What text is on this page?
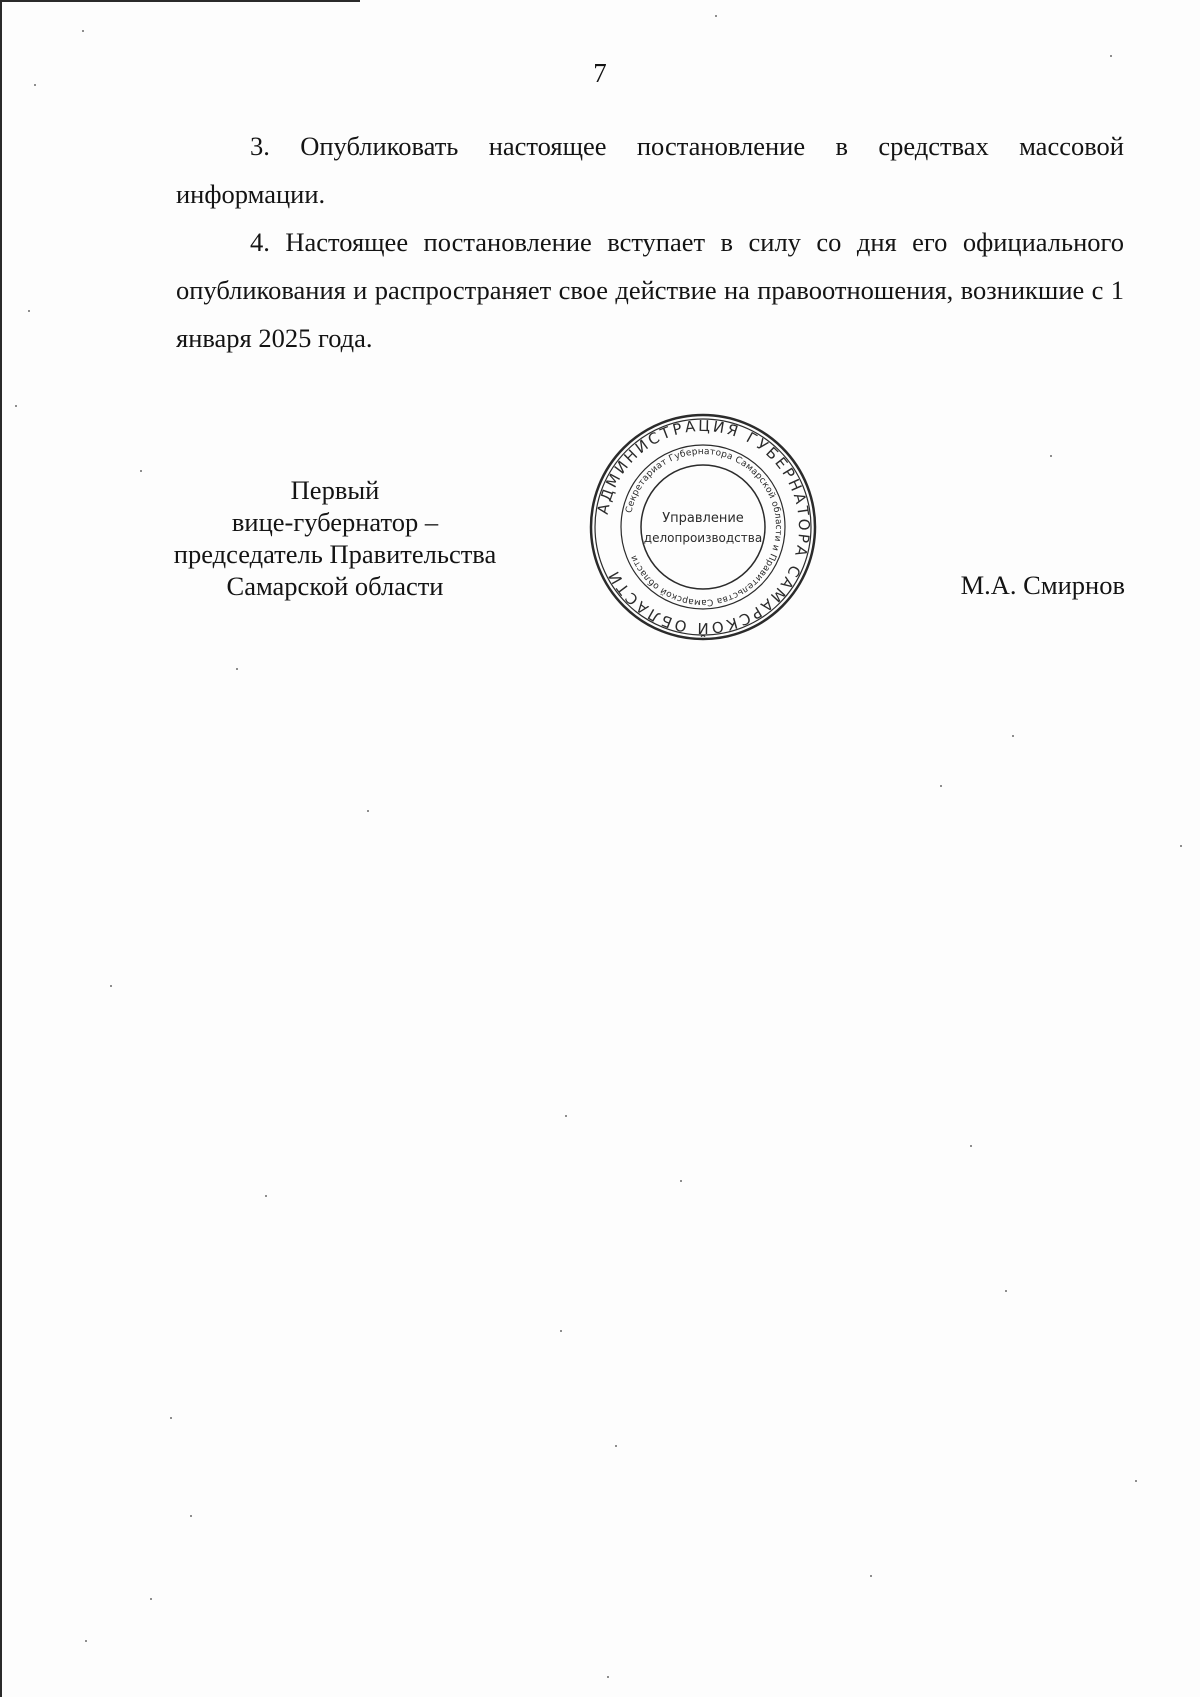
7

3. Опубликовать настоящее постановление в средствах массовой информации.

4. Настоящее постановление вступает в силу со дня его официального опубликования и распространяет свое действие на правоотношения, возникшие с 1 января 2025 года.

Первый
вице-губернатор –
председатель Правительства
Самарской области
АДМИНИСТРАЦИЯ ГУБЕРНАТОРА САМАРСКОЙ ОБЛАСТИ
Секретариат Губернатора Самарской области и Правительства Самарской области
Управление
делопроизводства
М.А. Смирнов
